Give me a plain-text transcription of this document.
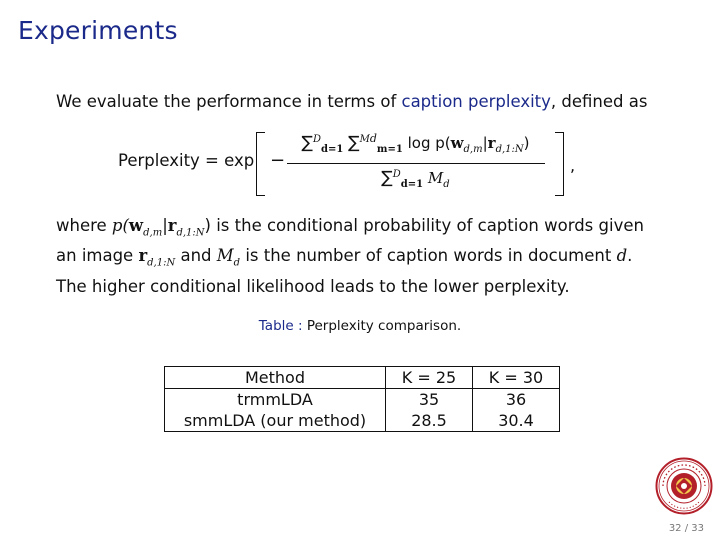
Experiments
We evaluate the performance in terms of caption perplexity, defined as
Perplexity = exp −
∑$^D_{d=1}$ ∑$^{Md}_{m=1}$ $\log p(w_{d,m}|r_{d,1:N})$
∑$^D_{d=1}$ $M_d$
,
where $p(w_{d,m}|r_{d,1:N})$ is the conditional probability of caption words given
an image $r_{d,1:N}$ and $M_d$ is the number of caption words in document d.
The higher conditional likelihood leads to the lower perplexity.
Table : Perplexity comparison.
Method	K = 25	K = 30
trmmLDA	35	36
smmLDA (our method)	28.5	30.4
32 / 33
